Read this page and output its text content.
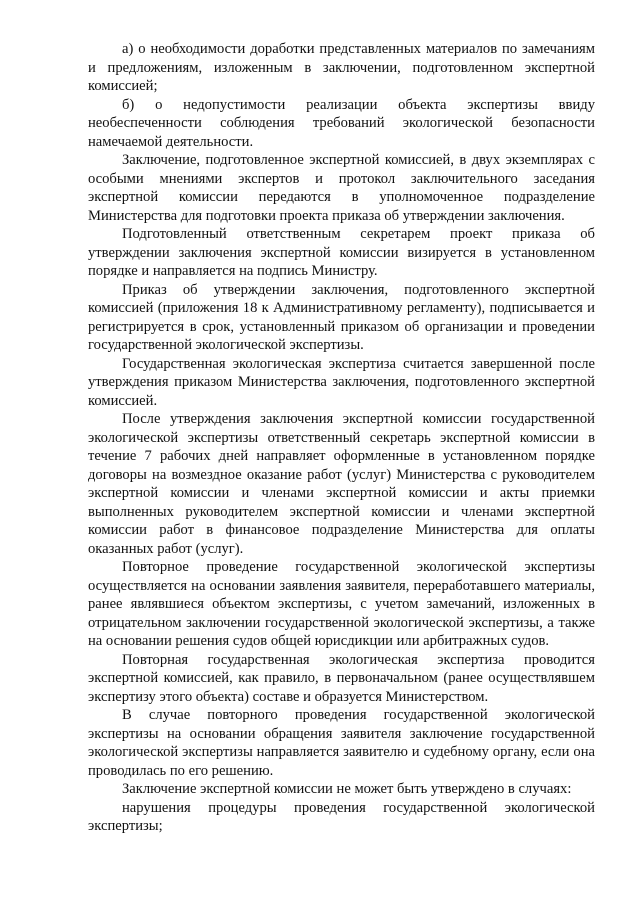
а) о необходимости доработки представленных материалов по замечаниям и предложениям, изложенным в заключении, подготовленном экспертной комиссией;

б) о недопустимости реализации объекта экспертизы ввиду необеспеченности соблюдения требований экологической безопасности намечаемой деятельности.

Заключение, подготовленное экспертной комиссией, в двух экземплярах с особыми мнениями экспертов и протокол заключительного заседания экспертной комиссии передаются в уполномоченное подразделение Министерства для подготовки проекта приказа об утверждении заключения.

Подготовленный ответственным секретарем проект приказа об утверждении заключения экспертной комиссии визируется в установленном порядке и направляется на подпись Министру.

Приказ об утверждении заключения, подготовленного экспертной комиссией (приложения 18 к Административному регламенту), подписывается и регистрируется в срок, установленный приказом об организации и проведении государственной экологической экспертизы.

Государственная экологическая экспертиза считается завершенной после утверждения приказом Министерства заключения, подготовленного экспертной комиссией.

После утверждения заключения экспертной комиссии государственной экологической экспертизы ответственный секретарь экспертной комиссии в течение 7 рабочих дней направляет оформленные в установленном порядке договоры на возмездное оказание работ (услуг) Министерства с руководителем экспертной комиссии и членами экспертной комиссии и акты приемки выполненных руководителем экспертной комиссии и членами экспертной комиссии работ в финансовое подразделение Министерства для оплаты оказанных работ (услуг).

Повторное проведение государственной экологической экспертизы осуществляется на основании заявления заявителя, переработавшего материалы, ранее являвшиеся объектом экспертизы, с учетом замечаний, изложенных в отрицательном заключении государственной экологической экспертизы, а также на основании решения судов общей юрисдикции или арбитражных судов.

Повторная государственная экологическая экспертиза проводится экспертной комиссией, как правило, в первоначальном (ранее осуществлявшем экспертизу этого объекта) составе и образуется Министерством.

В случае повторного проведения государственной экологической экспертизы на основании обращения заявителя заключение государственной экологической экспертизы направляется заявителю и судебному органу, если она проводилась по его решению.

Заключение экспертной комиссии не может быть утверждено в случаях:

нарушения процедуры проведения государственной экологической экспертизы;
